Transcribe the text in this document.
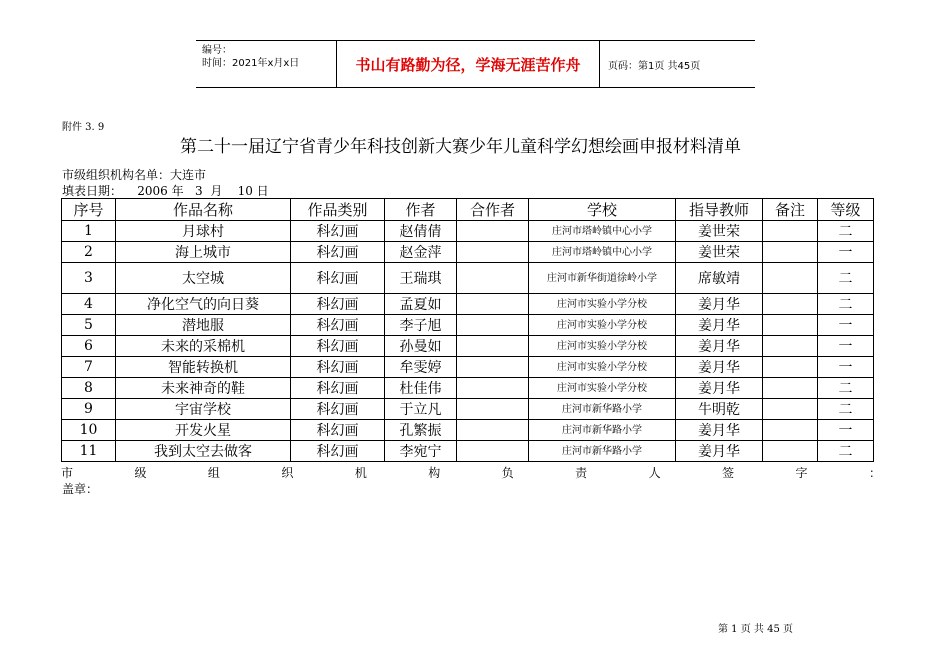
编号：
时间：2021年x月x日	书山有路勤为径，学海无涯苦作舟	页码：第1页 共45页
附件 3. 9
第二十一届辽宁省青少年科技创新大赛少年儿童科学幻想绘画申报材料清单
市级组织机构名单：大连市
填表日期：    2006 年   3  月    10 日
序号	作品名称	作品类别	作者	合作者	学校	指导教师	备注	等级
1	月球村	科幻画	赵倩倩		庄河市塔岭镇中心小学	姜世荣		二
2	海上城市	科幻画	赵金萍		庄河市塔岭镇中心小学	姜世荣		一
3	太空城	科幻画	王瑞琪		庄河市新华街道徐岭小学	席敏靖		二
4	净化空气的向日葵	科幻画	孟夏如		庄河市实验小学分校	姜月华		二
5	潜地服	科幻画	李子旭		庄河市实验小学分校	姜月华		一
6	未来的采棉机	科幻画	孙曼如		庄河市实验小学分校	姜月华		一
7	智能转换机	科幻画	牟雯婷		庄河市实验小学分校	姜月华		一
8	未来神奇的鞋	科幻画	杜佳伟		庄河市实验小学分校	姜月华		二
9	宇宙学校	科幻画	于立凡		庄河市新华路小学	牛明乾		二
10	开发火星	科幻画	孔繁振		庄河市新华路小学	姜月华		一
11	我到太空去做客	科幻画	李宛宁		庄河市新华路小学	姜月华		二
市	级	组	织	机	构	负	责	人	签	字	：
盖章：
第 1 页 共 45 页
